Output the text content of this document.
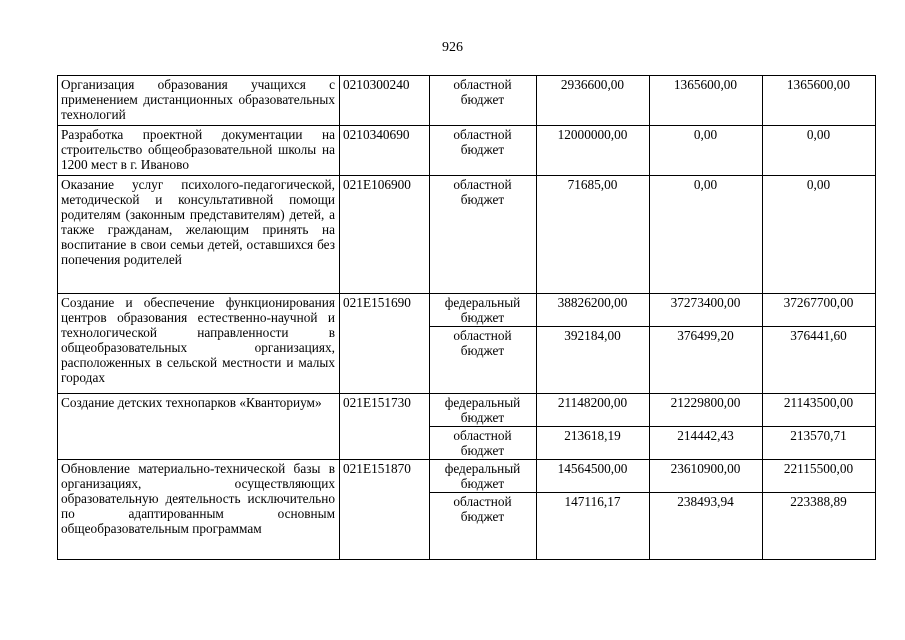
926
Организация образования учащихся с применением дистанционных образовательных технологий	0210300240	областной бюджет	2936600,00	1365600,00	1365600,00
Разработка проектной документации на строительство общеобразовательной школы на 1200 мест в г. Иваново	0210340690	областной бюджет	12000000,00	0,00	0,00
Оказание услуг психолого-педагогической, методической и консультативной помощи родителям (законным представителям) детей, а также гражданам, желающим принять на воспитание в свои семьи детей, оставшихся без попечения родителей	021E106900	областной бюджет	71685,00	0,00	0,00
Создание и обеспечение функционирования центров образования естественно-научной и технологической направленности в общеобразовательных организациях, расположенных в сельской местности и малых городах	021E151690	федеральный бюджет	38826200,00	37273400,00	37267700,00
		областной бюджет	392184,00	376499,20	376441,60
Создание детских технопарков «Кванториум»	021E151730	федеральный бюджет	21148200,00	21229800,00	21143500,00
		областной бюджет	213618,19	214442,43	213570,71
Обновление материально-технической базы в организациях, осуществляющих образовательную деятельность исключительно по адаптированным основным общеобразовательным программам	021E151870	федеральный бюджет	14564500,00	23610900,00	22115500,00
		областной бюджет	147116,17	238493,94	223388,89
